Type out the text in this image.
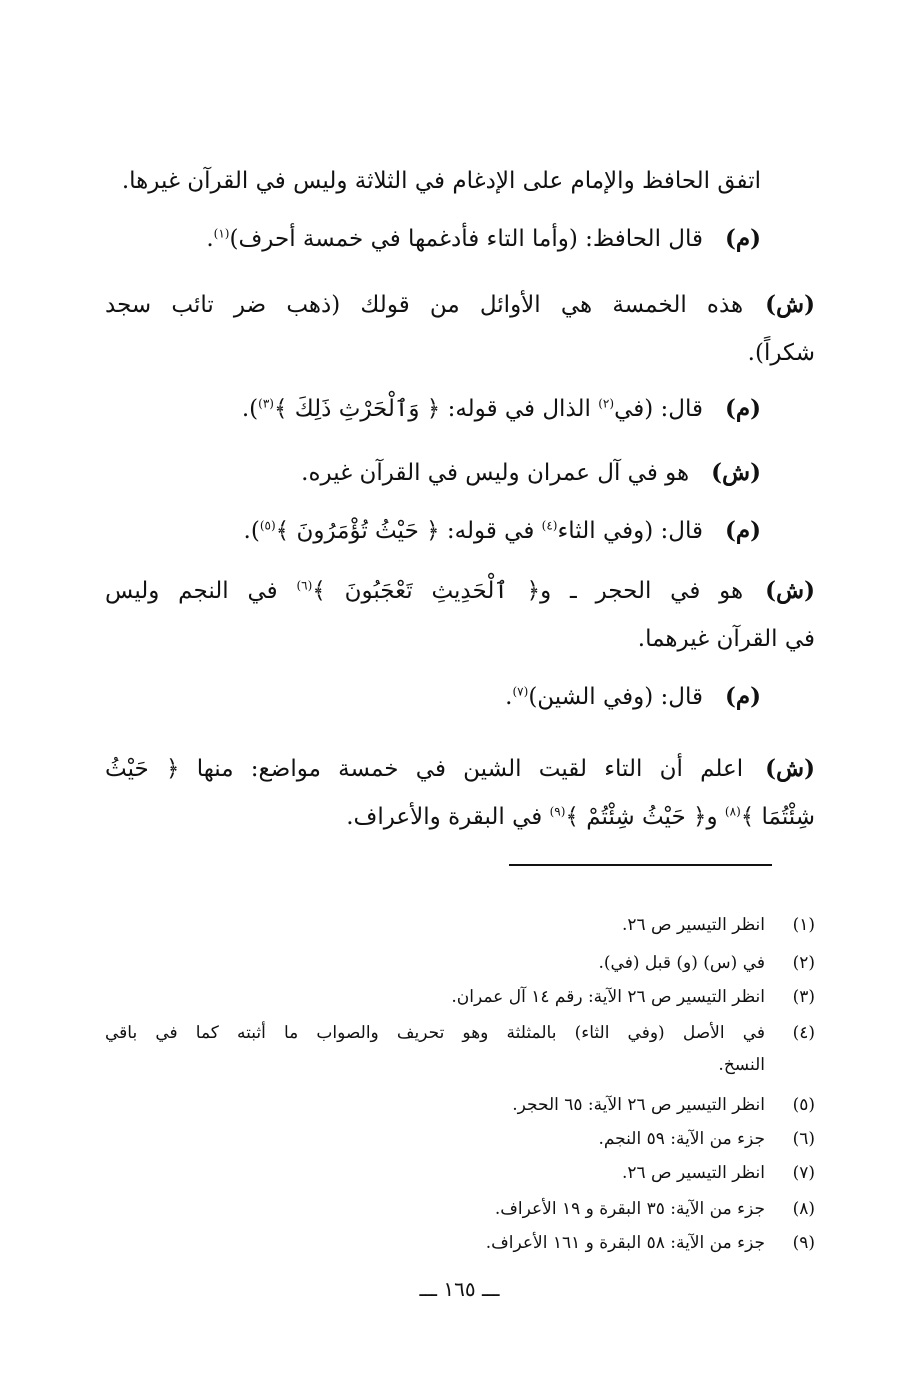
اتفق الحافظ والإمام على الإدغام في الثلاثة وليس في القرآن غيرها.
(م)قال الحافظ: (وأما التاء فأدغمها في خمسة أحرف)$^{(١)}$.
(ش)هذه الخمسة هي الأوائل من قولك (ذهب ضر تائب سجد
شكراً).
(م)قال: (في$^{(٢)}$ الذال في قوله: ﴿ وَٱلْحَرْثِ ذَلِكَ ﴾$^{(٣)}$).
(ش)هو في آل عمران وليس في القرآن غيره.
(م)قال: (وفي الثاء$^{(٤)}$ في قوله: ﴿ حَيْثُ تُؤْمَرُونَ ﴾$^{(٥)}$).
(ش)هو في الحجر ـ و﴿ ٱلْحَدِيثِ تَعْجَبُونَ ﴾$^{(٦)}$ في النجم وليس
في القرآن غيرهما.
(م)قال: (وفي الشين)$^{(٧)}$.
(ش)اعلم أن التاء لقيت الشين في خمسة مواضع: منها ﴿ حَيْثُ
شِئْتُمَا ﴾$^{(٨)}$ و﴿ حَيْثُ شِئْتُمْ ﴾$^{(٩)}$ في البقرة والأعراف.
(١)انظر التيسير ص ٢٦.
(٢)في (س) (و) قبل (في).
(٣)انظر التيسير ص ٢٦ الآية: رقم ١٤ آل عمران.
(٤)في الأصل (وفي الثاء) بالمثلثة وهو تحريف والصواب ما أثبته كما في باقي
النسخ.
(٥)انظر التيسير ص ٢٦ الآية: ٦٥ الحجر.
(٦)جزء من الآية: ٥٩ النجم.
(٧)انظر التيسير ص ٢٦.
(٨)جزء من الآية: ٣٥ البقرة و ١٩ الأعراف.
(٩)جزء من الآية: ٥٨ البقرة و ١٦١ الأعراف.
ـــ ١٦٥ ـــ
